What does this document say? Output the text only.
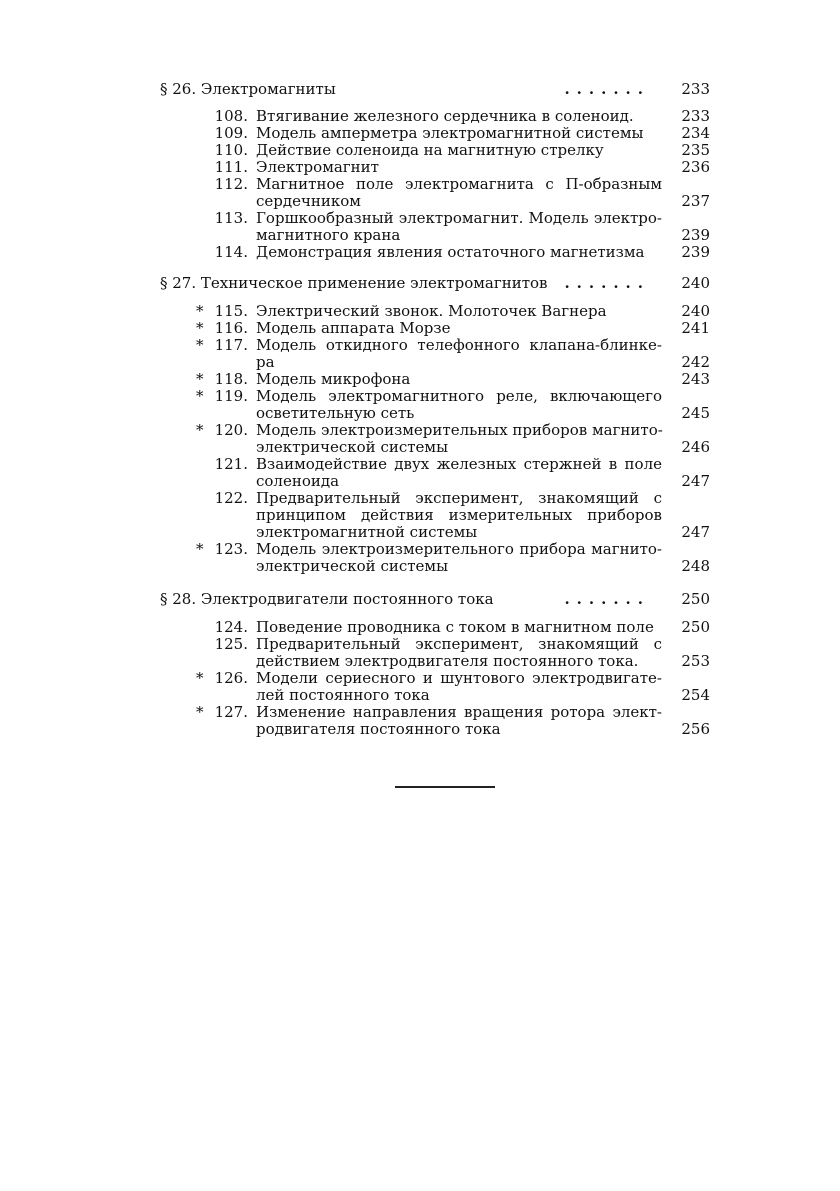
§ 26. Электромагниты	....... 233
108. Втягивание железного сердечника в соленоид.	233
109. Модель амперметра электромагнитной системы	234
110. Действие соленоида на магнитную стрелку	235
111. Электромагнит	236
112. Магнитное поле электромагнита с П-образным
сердечником	237
113. Горшкообразный электромагнит. Модель электро-
магнитного крана	239
114. Демонстрация явления остаточного магнетизма	239
§ 27. Техническое применение электромагнитов ....... 240
* 115. Электрический звонок. Молоточек Вагнера	240
* 116. Модель аппарата Морзе	241
* 117. Модель откидного телефонного клапана-блинке-
ра	242
* 118. Модель микрофона	243
* 119. Модель электромагнитного реле, включающего
осветительную сеть	245
* 120. Модель электроизмерительных приборов магнито-
электрической системы	246
121. Взаимодействие двух железных стержней в поле
соленоида	247
122. Предварительный эксперимент, знакомящий с
принципом действия измерительных приборов
электромагнитной системы	247
* 123. Модель электроизмерительного прибора магнито-
электрической системы	248
§ 28. Электродвигатели постоянного тока	....... 250
124. Поведение проводника с током в магнитном поле	250
125. Предварительный эксперимент, знакомящий с
действием электродвигателя постоянного тока.	253
* 126. Модели сериесного и шунтового электродвигате-
лей постоянного тока	254
* 127. Изменение направления вращения ротора элект-
родвигателя постоянного тока	256
